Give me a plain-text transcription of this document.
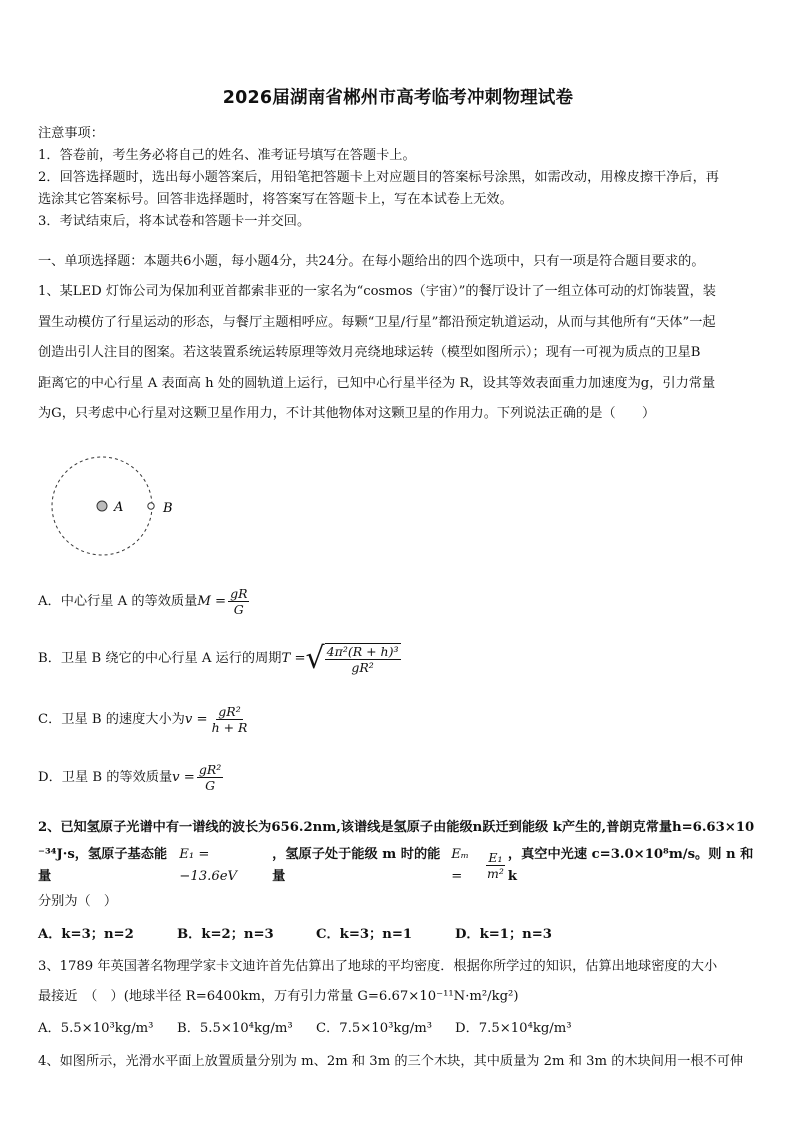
2026届湖南省郴州市高考临考冲刺物理试卷

注意事项：

1．答卷前，考生务必将自己的姓名、准考证号填写在答题卡上。

2．回答选择题时，选出每小题答案后，用铅笔把答题卡上对应题目的答案标号涂黑，如需改动，用橡皮擦干净后，再

选涂其它答案标号。回答非选择题时，将答案写在答题卡上，写在本试卷上无效。

3．考试结束后，将本试卷和答题卡一并交回。

一、单项选择题：本题共6小题，每小题4分，共24分。在每小题给出的四个选项中，只有一项是符合题目要求的。

1、某LED 灯饰公司为保加利亚首都索非亚的一家名为“cosmos（宇宙）”的餐厅设计了一组立体可动的灯饰装置，装

置生动模仿了行星运动的形态，与餐厅主题相呼应。每颗“卫星/行星”都沿预定轨道运动，从而与其他所有“天体”一起

创造出引人注目的图案。若这装置系统运转原理等效月亮绕地球运转（模型如图所示）；现有一可视为质点的卫星B

距离它的中心行星 A 表面高 h 处的圆轨道上运行，已知中心行星半径为 R，设其等效表面重力加速度为g，引力常量

为G，只考虑中心行星对这颗卫星作用力，不计其他物体对这颗卫星的作用力。下列说法正确的是（　　）

A	B
A．中心行星 A 的等效质量 $M = \frac{gR}{G}$
B．卫星 B 绕它的中心行星 A 运行的周期 T = √ $\frac{\text{4π²(R + h)³}}{\text{gR²}}$
C．卫星 B 的速度大小为 $v = \frac{\text{gR²}}{h + R}$
D．卫星 B 的等效质量 $v = \frac{\text{gR²}}{G}$

2、已知氢原子光谱中有一谱线的波长为656.2nm,该谱线是氢原子由能级n跃迁到能级 k产生的,普朗克常量h=6.63×10

⁻³⁴J·s，氢原子基态能量
E₁ = −13.6eV
，氢原子处于能级 m 时的能量
Eₘ =	$\frac{\text{E₁}}{\text{m²}}$ ，真空中光速 c=3.0×10⁸m/s。则 n 和 k

分别为（　）

A．k=3；n=2	B．k=2；n=3	C．k=3；n=1	D．k=1；n=3

3、1789 年英国著名物理学家卡文迪许首先估算出了地球的平均密度．根据你所学过的知识，估算出地球密度的大小

最接近　（　）(地球半径 R=6400km，万有引力常量 G=6.67×10⁻¹¹N·m²/kg²)

A．5.5×10³kg/m³	B．5.5×10⁴kg/m³	C．7.5×10³kg/m³	D．7.5×10⁴kg/m³

4、如图所示，光滑水平面上放置质量分别为 m、2m 和 3m 的三个木块，其中质量为 2m 和 3m 的木块间用一根不可伸
